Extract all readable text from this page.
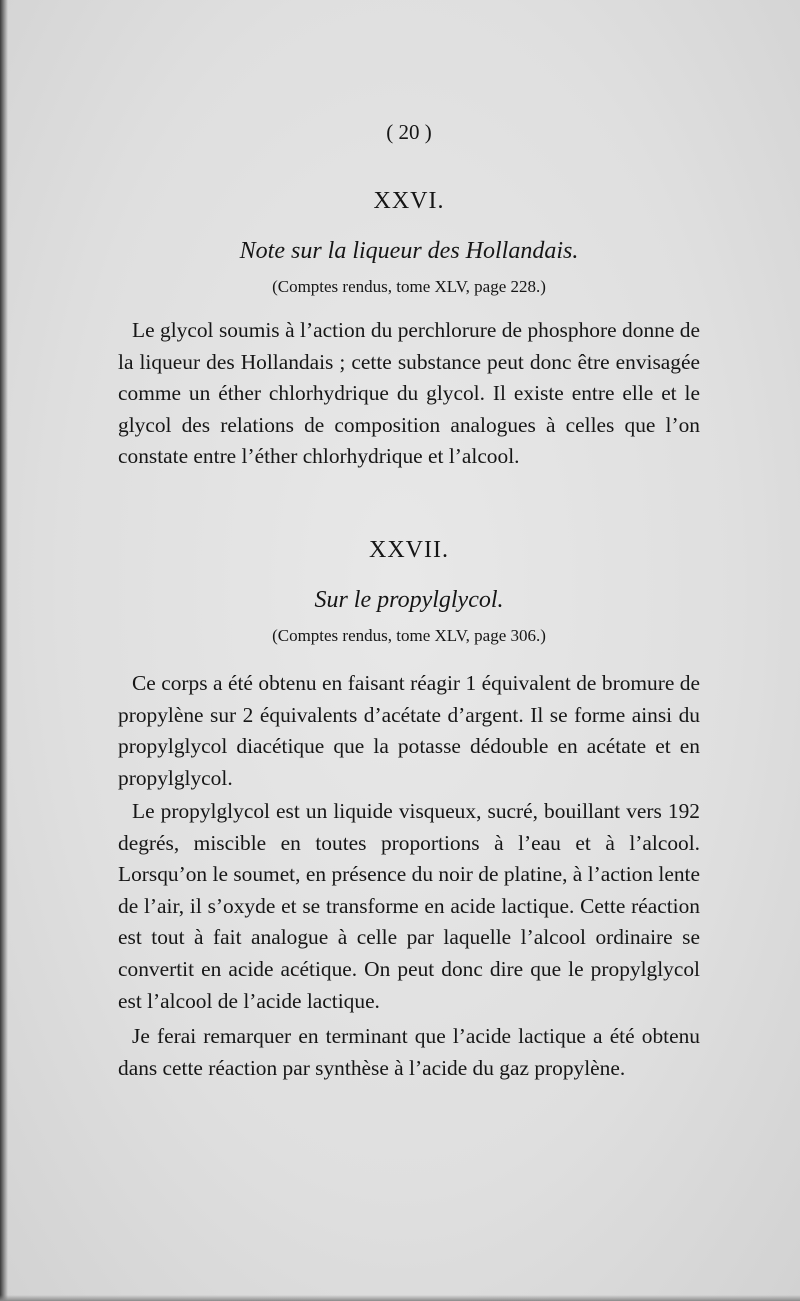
( 20 )
XXVI.
Note sur la liqueur des Hollandais.
(Comptes rendus, tome XLV, page 228.)

Le glycol soumis à l’action du perchlorure de phosphore donne de la liqueur des Hollandais ; cette substance peut donc être envisagée comme un éther chlorhydrique du glycol. Il existe entre elle et le glycol des relations de composition analogues à celles que l’on constate entre l’éther chlorhydrique et l’alcool.

XXVII.
Sur le propylglycol.
(Comptes rendus, tome XLV, page 306.)

Ce corps a été obtenu en faisant réagir 1 équivalent de bromure de propylène sur 2 équivalents d’acétate d’argent. Il se forme ainsi du propylglycol diacétique que la potasse dédouble en acétate et en propylglycol.

Le propylglycol est un liquide visqueux, sucré, bouillant vers 192 degrés, miscible en toutes proportions à l’eau et à l’alcool. Lorsqu’on le soumet, en présence du noir de platine, à l’action lente de l’air, il s’oxyde et se transforme en acide lactique. Cette réaction est tout à fait analogue à celle par laquelle l’alcool ordinaire se convertit en acide acétique. On peut donc dire que le propylglycol est l’alcool de l’acide lactique.

Je ferai remarquer en terminant que l’acide lactique a été obtenu dans cette réaction par synthèse à l’acide du gaz propylène.
